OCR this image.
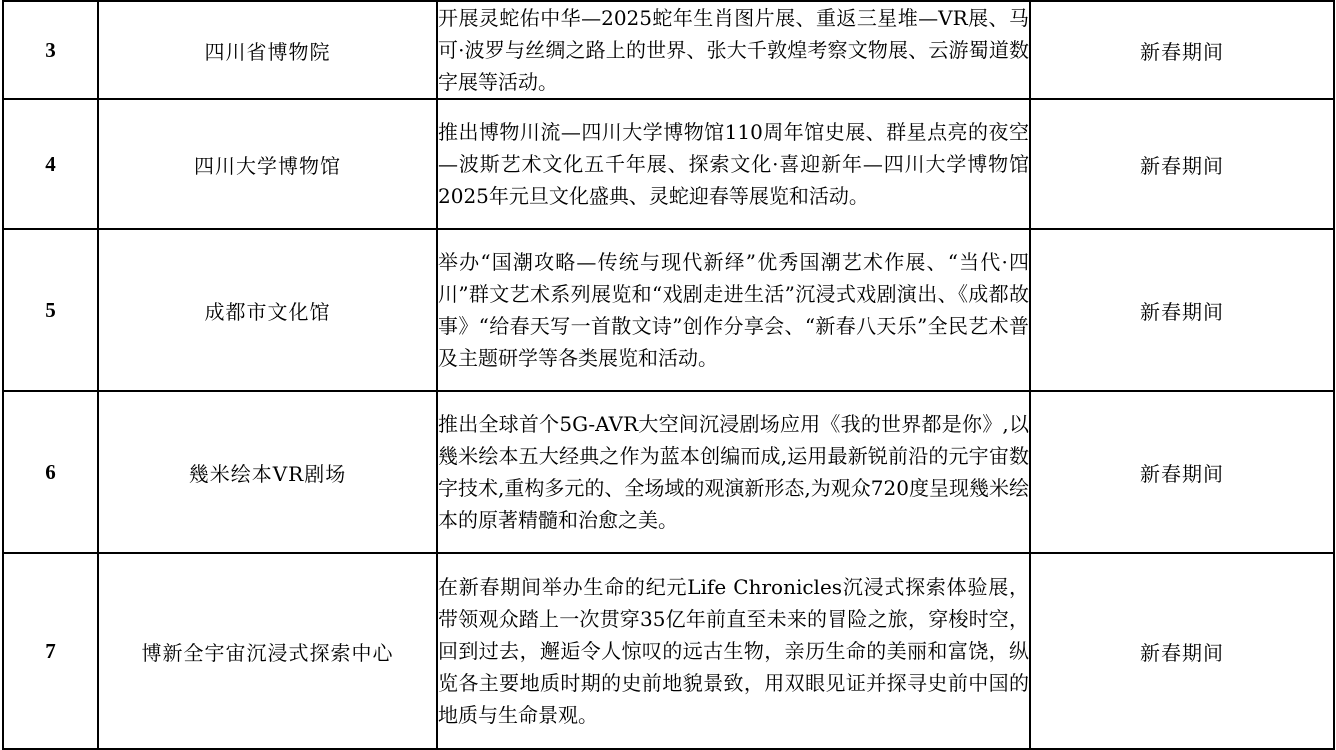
3	四川省博物院	开展灵蛇佑中华—2025蛇年生肖图片展、重返三星堆—VR展、马可·波罗与丝绸之路上的世界、张大千敦煌考察文物展、云游蜀道数字展等活动。	新春期间
4	四川大学博物馆	推出博物川流—四川大学博物馆110周年馆史展、群星点亮的夜空—波斯艺术文化五千年展、探索文化·喜迎新年—四川大学博物馆2025年元旦文化盛典、灵蛇迎春等展览和活动。	新春期间
5	成都市文化馆	举办“国潮攻略—传统与现代新绎”优秀国潮艺术作展、“当代·四川”群文艺术系列展览和“戏剧走进生活”沉浸式戏剧演出、《成都故事》“给春天写一首散文诗”创作分享会、“新春八天乐”全民艺术普及主题研学等各类展览和活动。	新春期间
6	幾米绘本VR剧场	推出全球首个5G-AVR大空间沉浸剧场应用《我的世界都是你》,以幾米绘本五大经典之作为蓝本创编而成,运用最新锐前沿的元宇宙数字技术,重构多元的、全场域的观演新形态,为观众720度呈现幾米绘本的原著精髓和治愈之美。	新春期间
7	博新全宇宙沉浸式探索中心	在新春期间举办生命的纪元Life Chronicles沉浸式探索体验展，带领观众踏上一次贯穿35亿年前直至未来的冒险之旅，穿梭时空，回到过去，邂逅令人惊叹的远古生物，亲历生命的美丽和富饶，纵览各主要地质时期的史前地貌景致，用双眼见证并探寻史前中国的地质与生命景观。	新春期间
